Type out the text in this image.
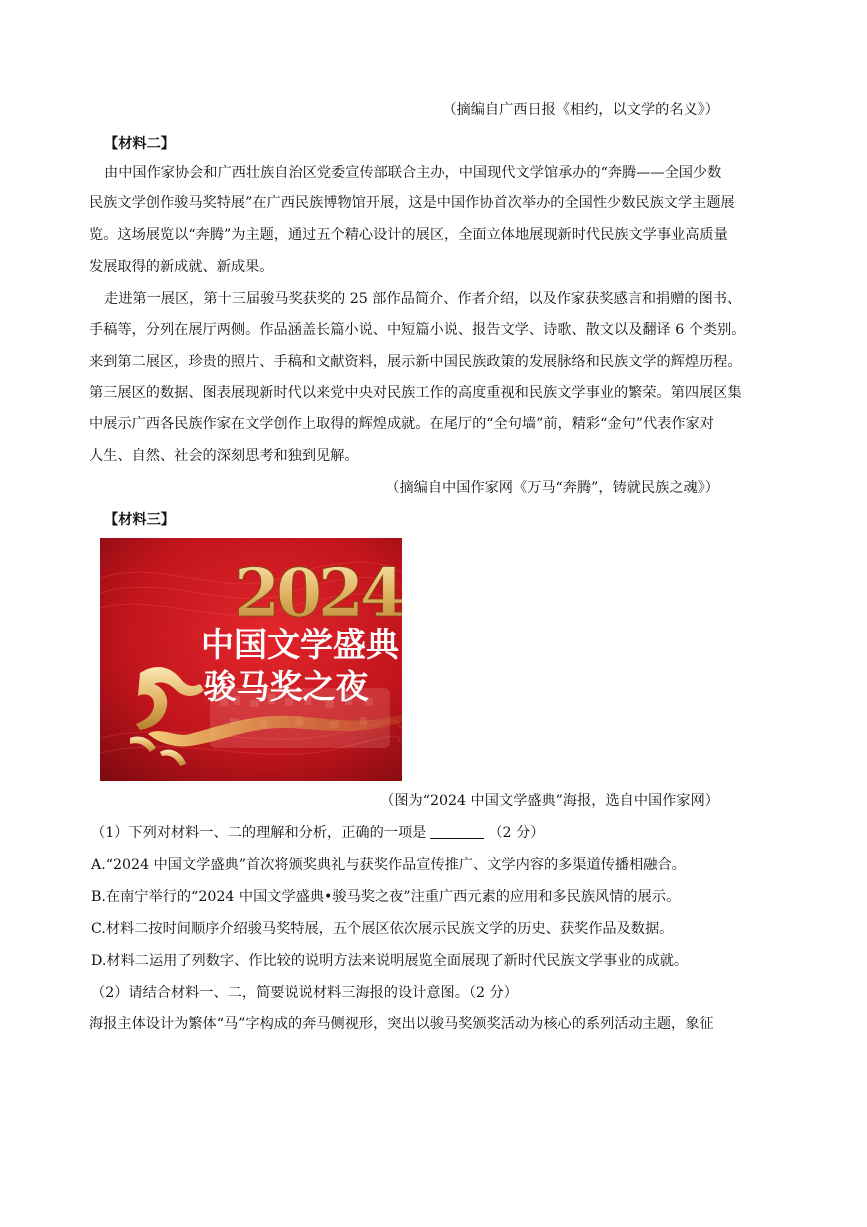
（摘编自广西日报《相约，以文学的名义》）
【材料二】
由中国作家协会和广西壮族自治区党委宣传部联合主办，中国现代文学馆承办的“奔腾——全国少数
民族文学创作骏马奖特展”在广西民族博物馆开展，这是中国作协首次举办的全国性少数民族文学主题展
览。这场展览以“奔腾”为主题，通过五个精心设计的展区，全面立体地展现新时代民族文学事业高质量
发展取得的新成就、新成果。
走进第一展区，第十三届骏马奖获奖的 25 部作品简介、作者介绍，以及作家获奖感言和捐赠的图书、
手稿等，分列在展厅两侧。作品涵盖长篇小说、中短篇小说、报告文学、诗歌、散文以及翻译 6 个类别。
来到第二展区，珍贵的照片、手稿和文献资料，展示新中国民族政策的发展脉络和民族文学的辉煌历程。
第三展区的数据、图表展现新时代以来党中央对民族工作的高度重视和民族文学事业的繁荣。第四展区集
中展示广西各民族作家在文学创作上取得的辉煌成就。在尾厅的“全句墙”前，精彩“金句”代表作家对
人生、自然、社会的深刻思考和独到见解。
（摘编自中国作家网《万马“奔腾”，铸就民族之魂》）
【材料三】
2024
中国文学盛典
骏马奖之夜
（图为“2024 中国文学盛典”海报，选自中国作家网）
（1）下列对材料一、二的理解和分析，正确的一项是	（2 分）
A.“2024 中国文学盛典”首次将颁奖典礼与获奖作品宣传推广、文学内容的多渠道传播相融合。
B.在南宁举行的“2024 中国文学盛典•骏马奖之夜”注重广西元素的应用和多民族风情的展示。
C.材料二按时间顺序介绍骏马奖特展，五个展区依次展示民族文学的历史、获奖作品及数据。
D.材料二运用了列数字、作比较的说明方法来说明展览全面展现了新时代民族文学事业的成就。
（2）请结合材料一、二，简要说说材料三海报的设计意图。（2 分）
海报主体设计为繁体“马”字构成的奔马侧视形，突出以骏马奖颁奖活动为核心的系列活动主题，象征
